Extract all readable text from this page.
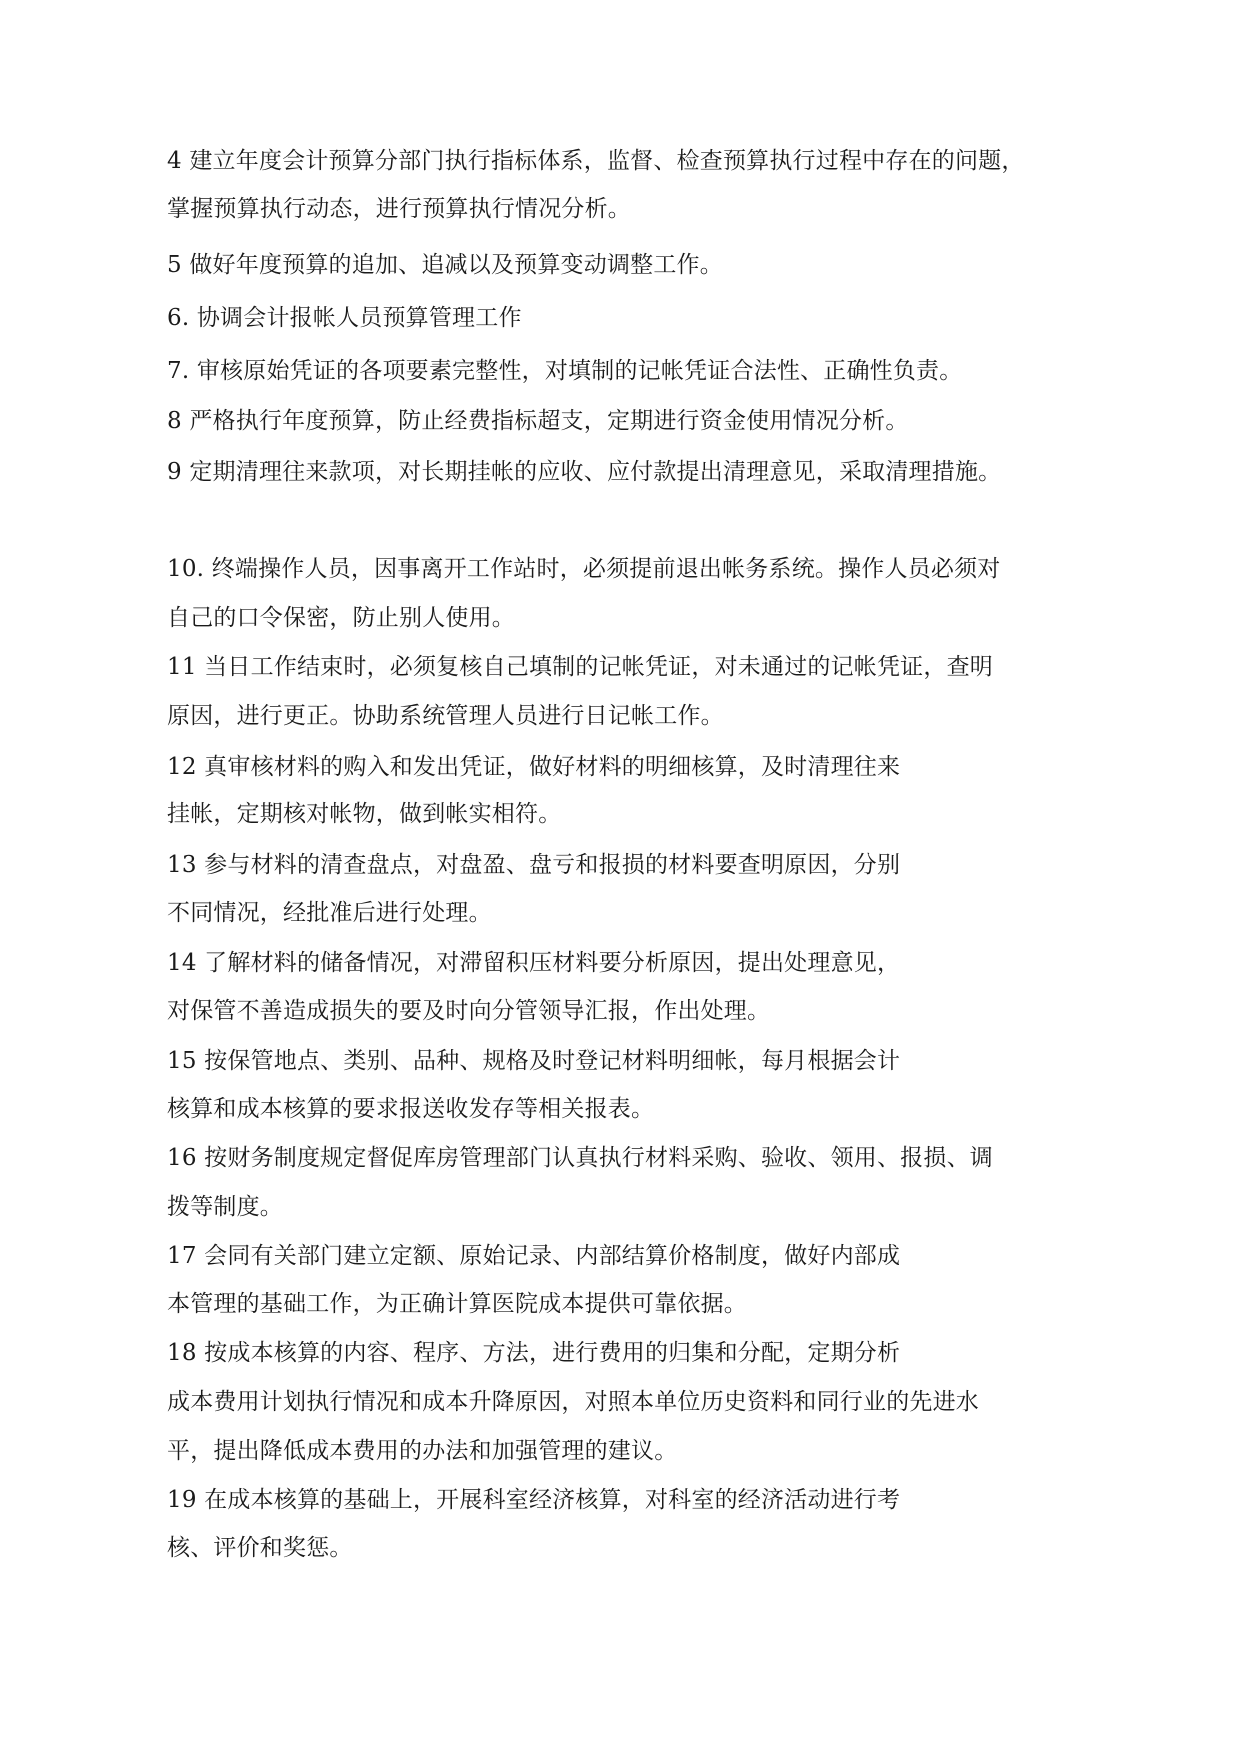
4 建立年度会计预算分部门执行指标体系，监督、检查预算执行过程中存在的问题，
掌握预算执行动态，进行预算执行情况分析。
5 做好年度预算的追加、追减以及预算变动调整工作。
6. 协调会计报帐人员预算管理工作
7. 审核原始凭证的各项要素完整性，对填制的记帐凭证合法性、正确性负责。
8 严格执行年度预算，防止经费指标超支，定期进行资金使用情况分析。
9 定期清理往来款项，对长期挂帐的应收、应付款提出清理意见，采取清理措施。
10. 终端操作人员，因事离开工作站时，必须提前退出帐务系统。操作人员必须对
自己的口令保密，防止别人使用。
11 当日工作结束时，必须复核自己填制的记帐凭证，对未通过的记帐凭证，查明
原因，进行更正。协助系统管理人员进行日记帐工作。
12 真审核材料的购入和发出凭证，做好材料的明细核算，及时清理往来
挂帐，定期核对帐物，做到帐实相符。
13 参与材料的清查盘点，对盘盈、盘亏和报损的材料要查明原因，分别
不同情况，经批准后进行处理。
14 了解材料的储备情况，对滞留积压材料要分析原因，提出处理意见，
对保管不善造成损失的要及时向分管领导汇报，作出处理。
15 按保管地点、类别、品种、规格及时登记材料明细帐，每月根据会计
核算和成本核算的要求报送收发存等相关报表。
16 按财务制度规定督促库房管理部门认真执行材料采购、验收、领用、报损、调
拨等制度。
17 会同有关部门建立定额、原始记录、内部结算价格制度，做好内部成
本管理的基础工作，为正确计算医院成本提供可靠依据。
18 按成本核算的内容、程序、方法，进行费用的归集和分配，定期分析
成本费用计划执行情况和成本升降原因，对照本单位历史资料和同行业的先进水
平，提出降低成本费用的办法和加强管理的建议。
19 在成本核算的基础上，开展科室经济核算，对科室的经济活动进行考
核、评价和奖惩。
